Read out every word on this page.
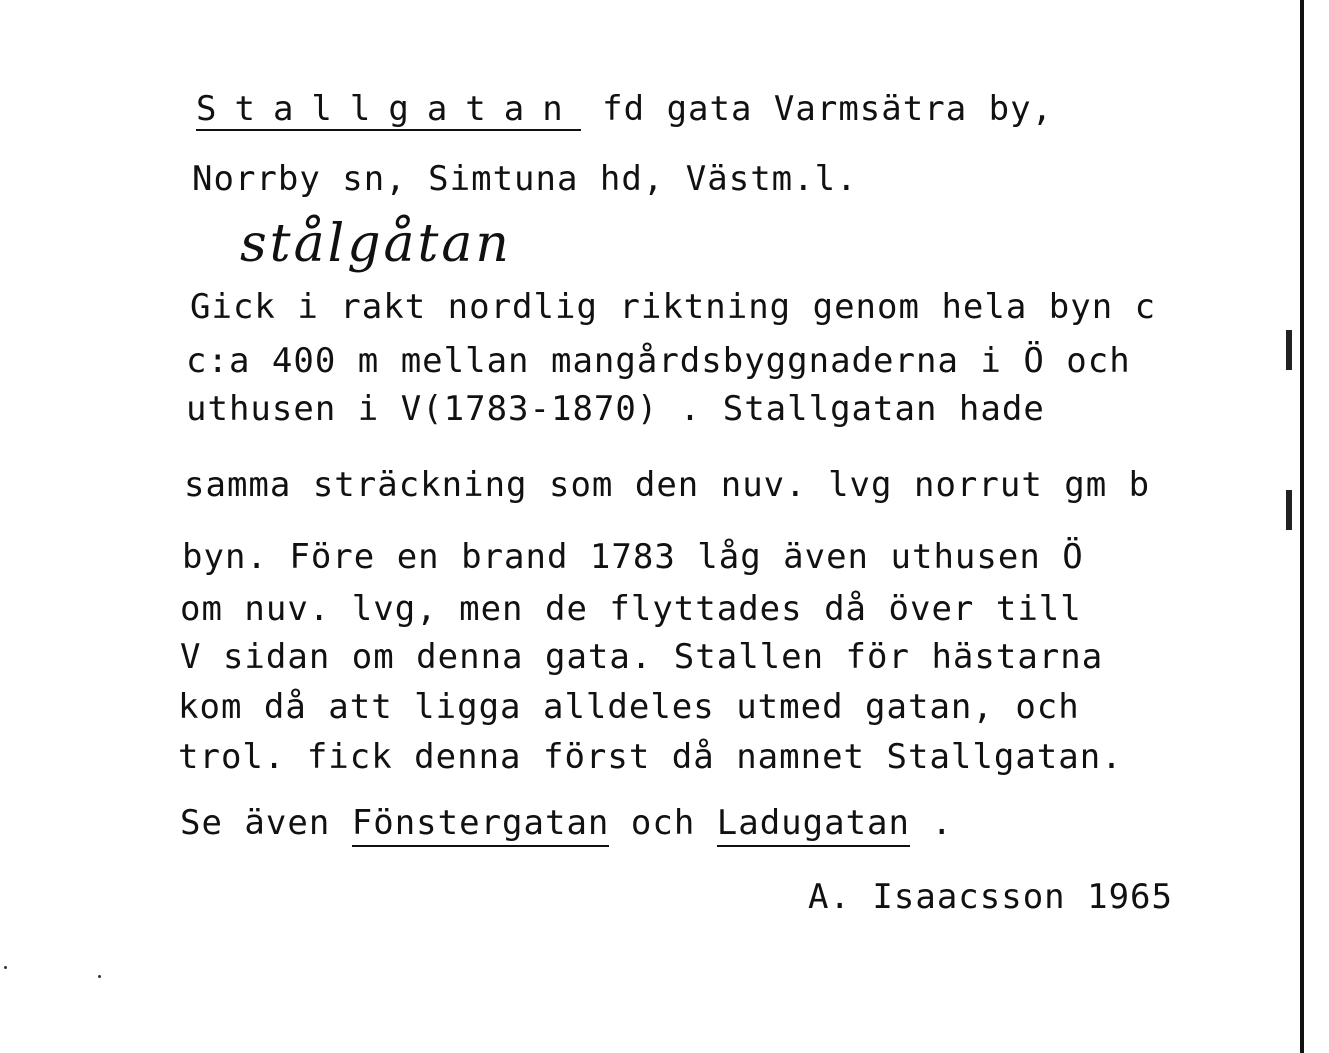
Stallgatan fd gata Varmsätra by,
Norrby sn, Simtuna hd, Västm.l.
stålgåtan
Gick i rakt nordlig riktning genom hela byn c
c:a 400 m mellan mangårdsbyggnaderna i Ö och
uthusen i V(1783-1870) . Stallgatan hade
samma sträckning som den nuv. lvg norrut gm b
byn. Före en brand 1783 låg även uthusen Ö
om nuv. lvg, men de flyttades då över till
V sidan om denna gata. Stallen för hästarna
kom då att ligga alldeles utmed gatan, och
trol. fick denna först då namnet Stallgatan.
Se även Fönstergatan och Ladugatan .
A. Isaacsson 1965
